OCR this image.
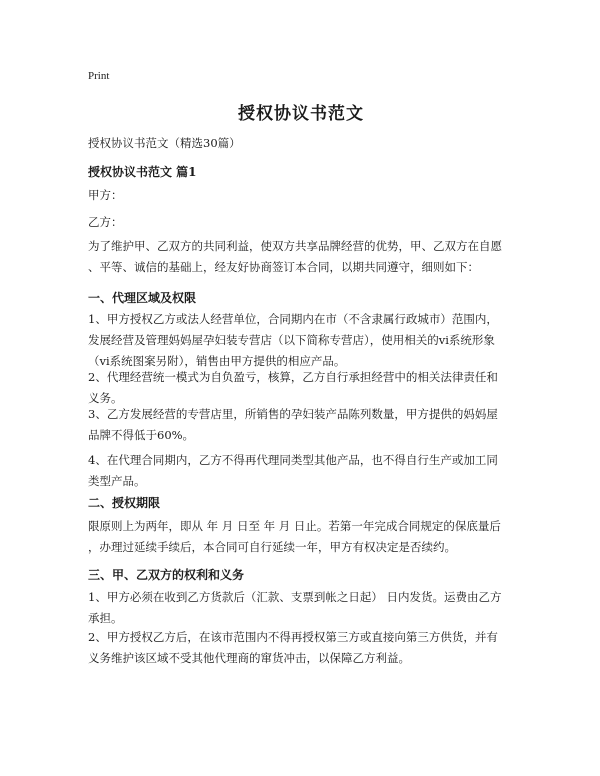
Print
授权协议书范文
授权协议书范文（精选30篇）
授权协议书范文 篇1
甲方：
乙方：
为了维护甲、乙双方的共同利益，使双方共享品牌经营的优势，甲、乙双方在自愿
、平等、诚信的基础上，经友好协商签订本合同，以期共同遵守，细则如下：
一、代理区域及权限
1、甲方授权乙方或法人经营单位，合同期内在市（不含隶属行政城市）范围内，
发展经营及管理妈妈屋孕妇装专营店（以下简称专营店），使用相关的vi系统形象
（vi系统图案另附），销售由甲方提供的相应产品。
2、代理经营统一模式为自负盈亏，核算，乙方自行承担经营中的相关法律责任和
义务。
3、乙方发展经营的专营店里，所销售的孕妇装产品陈列数量，甲方提供的妈妈屋
品牌不得低于60%。
4、在代理合同期内，乙方不得再代理同类型其他产品，也不得自行生产或加工同
类型产品。
二、授权期限
限原则上为两年，即从 年 月 日至 年 月 日止。若第一年完成合同规定的保底量后
，办理过延续手续后，本合同可自行延续一年，甲方有权决定是否续约。
三、甲、乙双方的权利和义务
1、甲方必须在收到乙方货款后（汇款、支票到帐之日起） 日内发货。运费由乙方
承担。
2、甲方授权乙方后，在该市范围内不得再授权第三方或直接向第三方供货，并有
义务维护该区域不受其他代理商的窜货冲击，以保障乙方利益。
